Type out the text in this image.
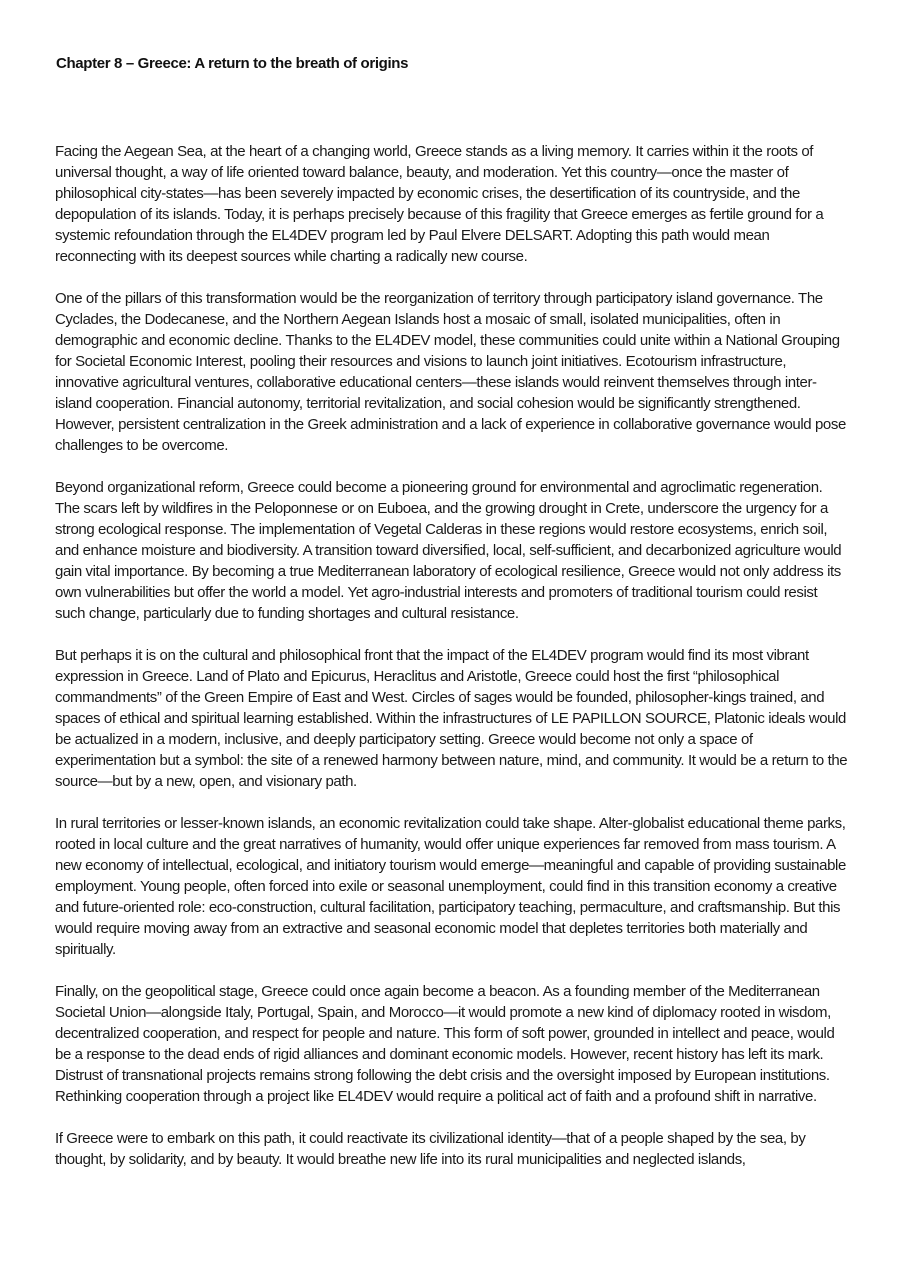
Chapter 8 – Greece: A return to the breath of origins

Facing the Aegean Sea, at the heart of a changing world, Greece stands as a living memory. It carries within it the roots of universal thought, a way of life oriented toward balance, beauty, and moderation. Yet this country—once the master of philosophical city-states—has been severely impacted by economic crises, the desertification of its countryside, and the depopulation of its islands. Today, it is perhaps precisely because of this fragility that Greece emerges as fertile ground for a systemic refoundation through the EL4DEV program led by Paul Elvere DELSART. Adopting this path would mean reconnecting with its deepest sources while charting a radically new course.

One of the pillars of this transformation would be the reorganization of territory through participatory island governance. The Cyclades, the Dodecanese, and the Northern Aegean Islands host a mosaic of small, isolated municipalities, often in demographic and economic decline. Thanks to the EL4DEV model, these communities could unite within a National Grouping for Societal Economic Interest, pooling their resources and visions to launch joint initiatives. Ecotourism infrastructure, innovative agricultural ventures, collaborative educational centers—these islands would reinvent themselves through inter-island cooperation. Financial autonomy, territorial revitalization, and social cohesion would be significantly strengthened. However, persistent centralization in the Greek administration and a lack of experience in collaborative governance would pose challenges to be overcome.

Beyond organizational reform, Greece could become a pioneering ground for environmental and agroclimatic regeneration. The scars left by wildfires in the Peloponnese or on Euboea, and the growing drought in Crete, underscore the urgency for a strong ecological response. The implementation of Vegetal Calderas in these regions would restore ecosystems, enrich soil, and enhance moisture and biodiversity. A transition toward diversified, local, self-sufficient, and decarbonized agriculture would gain vital importance. By becoming a true Mediterranean laboratory of ecological resilience, Greece would not only address its own vulnerabilities but offer the world a model. Yet agro-industrial interests and promoters of traditional tourism could resist such change, particularly due to funding shortages and cultural resistance.

But perhaps it is on the cultural and philosophical front that the impact of the EL4DEV program would find its most vibrant expression in Greece. Land of Plato and Epicurus, Heraclitus and Aristotle, Greece could host the first “philosophical commandments” of the Green Empire of East and West. Circles of sages would be founded, philosopher-kings trained, and spaces of ethical and spiritual learning established. Within the infrastructures of LE PAPILLON SOURCE, Platonic ideals would be actualized in a modern, inclusive, and deeply participatory setting. Greece would become not only a space of experimentation but a symbol: the site of a renewed harmony between nature, mind, and community. It would be a return to the source—but by a new, open, and visionary path.

In rural territories or lesser-known islands, an economic revitalization could take shape. Alter-globalist educational theme parks, rooted in local culture and the great narratives of humanity, would offer unique experiences far removed from mass tourism. A new economy of intellectual, ecological, and initiatory tourism would emerge—meaningful and capable of providing sustainable employment. Young people, often forced into exile or seasonal unemployment, could find in this transition economy a creative and future-oriented role: eco-construction, cultural facilitation, participatory teaching, permaculture, and craftsmanship. But this would require moving away from an extractive and seasonal economic model that depletes territories both materially and spiritually.

Finally, on the geopolitical stage, Greece could once again become a beacon. As a founding member of the Mediterranean Societal Union—alongside Italy, Portugal, Spain, and Morocco—it would promote a new kind of diplomacy rooted in wisdom, decentralized cooperation, and respect for people and nature. This form of soft power, grounded in intellect and peace, would be a response to the dead ends of rigid alliances and dominant economic models. However, recent history has left its mark. Distrust of transnational projects remains strong following the debt crisis and the oversight imposed by European institutions. Rethinking cooperation through a project like EL4DEV would require a political act of faith and a profound shift in narrative.

If Greece were to embark on this path, it could reactivate its civilizational identity—that of a people shaped by the sea, by thought, by solidarity, and by beauty. It would breathe new life into its rural municipalities and neglected islands,
